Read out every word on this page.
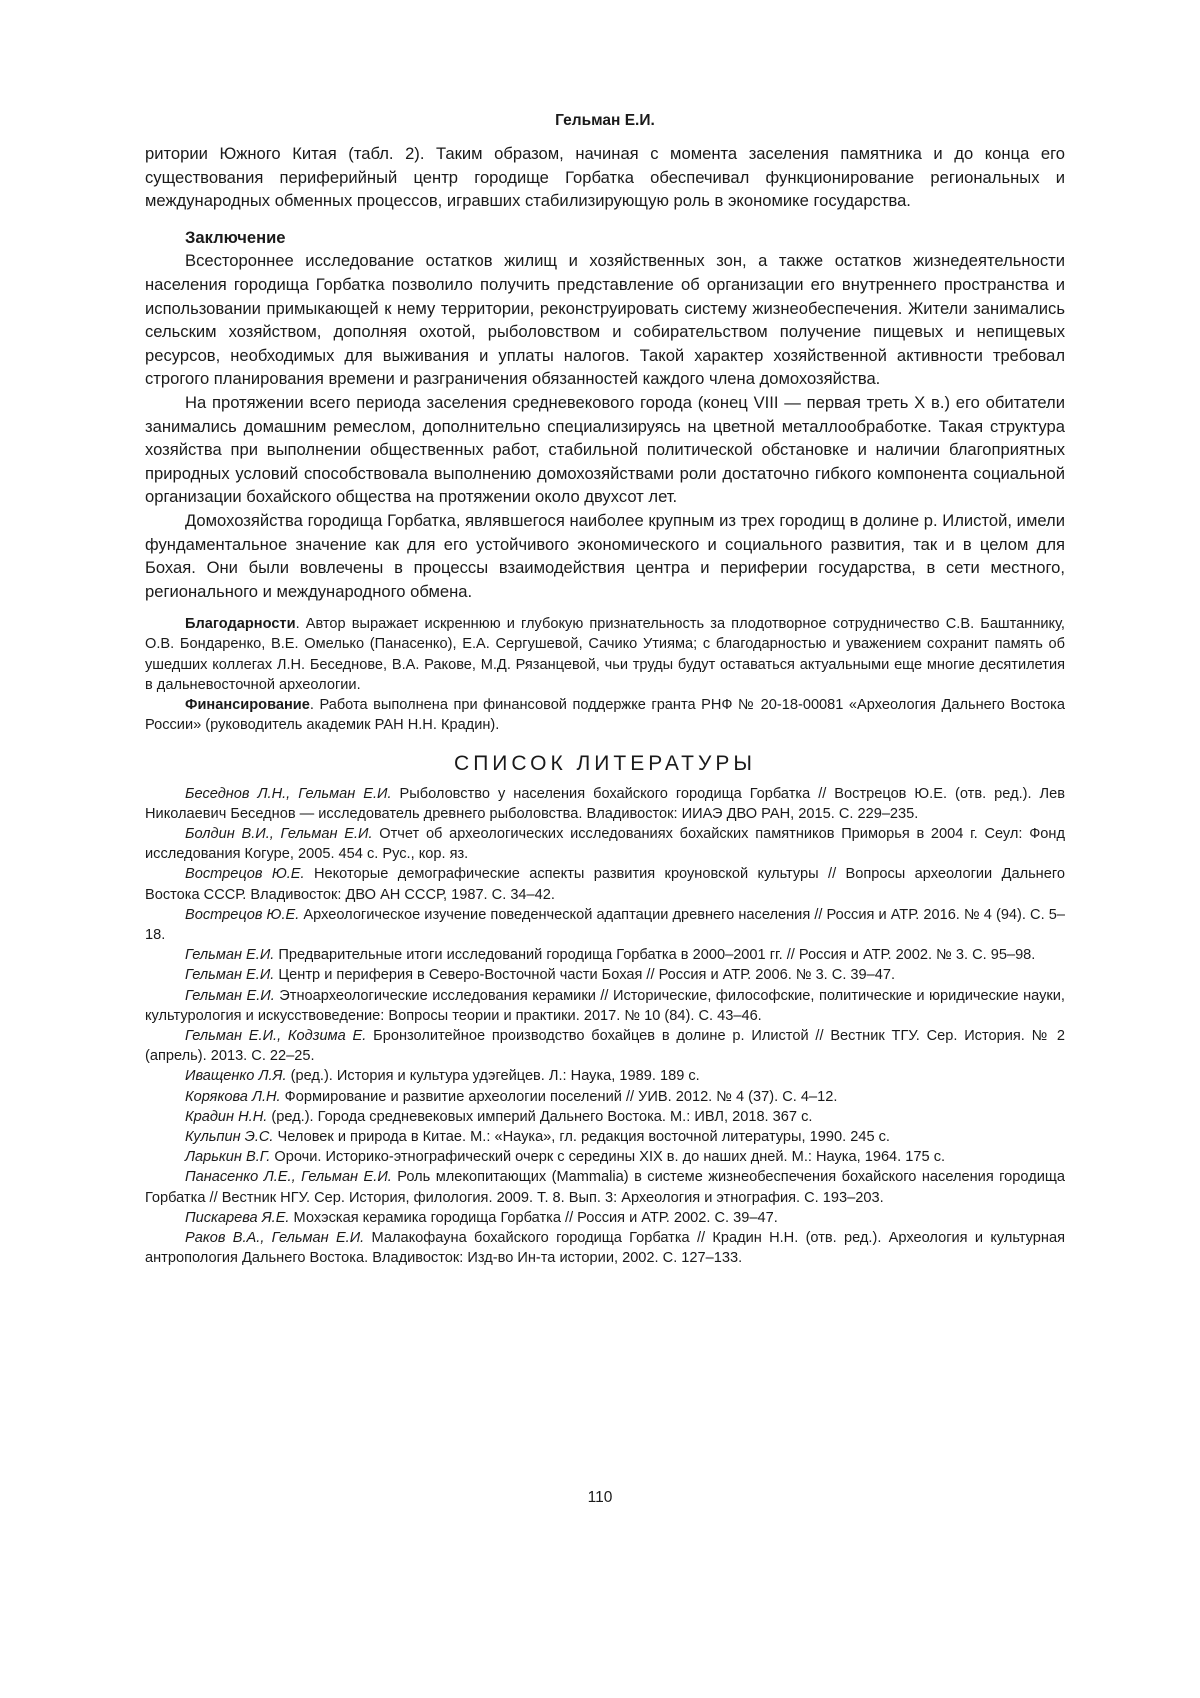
Гельман Е.И.

ритории Южного Китая (табл. 2). Таким образом, начиная с момента заселения памятника и до конца его существования периферийный центр городище Горбатка обеспечивал функционирование региональных и международных обменных процессов, игравших стабилизирующую роль в экономике государства.

Заключение

Всестороннее исследование остатков жилищ и хозяйственных зон, а также остатков жизнедеятельности населения городища Горбатка позволило получить представление об организации его внутреннего пространства и использовании примыкающей к нему территории, реконструировать систему жизнеобеспечения. Жители занимались сельским хозяйством, дополняя охотой, рыболовством и собирательством получение пищевых и непищевых ресурсов, необходимых для выживания и уплаты налогов. Такой характер хозяйственной активности требовал строгого планирования времени и разграничения обязанностей каждого члена домохозяйства.

На протяжении всего периода заселения средневекового города (конец VIII — первая треть X в.) его обитатели занимались домашним ремеслом, дополнительно специализируясь на цветной металлообработке. Такая структура хозяйства при выполнении общественных работ, стабильной политической обстановке и наличии благоприятных природных условий способствовала выполнению домохозяйствами роли достаточно гибкого компонента социальной организации бохайского общества на протяжении около двухсот лет.

Домохозяйства городища Горбатка, являвшегося наиболее крупным из трех городищ в долине р. Илистой, имели фундаментальное значение как для его устойчивого экономического и социального развития, так и в целом для Бохая. Они были вовлечены в процессы взаимодействия центра и периферии государства, в сети местного, регионального и международного обмена.

Благодарности. Автор выражает искреннюю и глубокую признательность за плодотворное сотрудничество С.В. Баштаннику, О.В. Бондаренко, В.Е. Омелько (Панасенко), Е.А. Сергушевой, Сачико Утияма; с благодарностью и уважением сохранит память об ушедших коллегах Л.Н. Беседнове, В.А. Ракове, М.Д. Рязанцевой, чьи труды будут оставаться актуальными еще многие десятилетия в дальневосточной археологии.

Финансирование. Работа выполнена при финансовой поддержке гранта РНФ № 20-18-00081 «Археология Дальнего Востока России» (руководитель академик РАН Н.Н. Крадин).

СПИСОК ЛИТЕРАТУРЫ

Беседнов Л.Н., Гельман Е.И. Рыболовство у населения бохайского городища Горбатка // Вострецов Ю.Е. (отв. ред.). Лев Николаевич Беседнов — исследователь древнего рыболовства. Владивосток: ИИАЭ ДВО РАН, 2015. С. 229–235.

Болдин В.И., Гельман Е.И. Отчет об археологических исследованиях бохайских памятников Приморья в 2004 г. Сеул: Фонд исследования Когуре, 2005. 454 с. Рус., кор. яз.

Вострецов Ю.Е. Некоторые демографические аспекты развития кроуновской культуры // Вопросы археологии Дальнего Востока СССР. Владивосток: ДВО АН СССР, 1987. С. 34–42.

Вострецов Ю.Е. Археологическое изучение поведенческой адаптации древнего населения // Россия и АТР. 2016. № 4 (94). С. 5–18.

Гельман Е.И. Предварительные итоги исследований городища Горбатка в 2000–2001 гг. // Россия и АТР. 2002. № 3. С. 95–98.

Гельман Е.И. Центр и периферия в Северо-Восточной части Бохая // Россия и АТР. 2006. № 3. С. 39–47.

Гельман Е.И. Этноархеологические исследования керамики // Исторические, философские, политические и юридические науки, культурология и искусствоведение: Вопросы теории и практики. 2017. № 10 (84). С. 43–46.

Гельман Е.И., Кодзима Е. Бронзолитейное производство бохайцев в долине р. Илистой // Вестник ТГУ. Сер. История. № 2 (апрель). 2013. С. 22–25.

Иващенко Л.Я. (ред.). История и культура удэгейцев. Л.: Наука, 1989. 189 с.

Корякова Л.Н. Формирование и развитие археологии поселений // УИВ. 2012. № 4 (37). С. 4–12.

Крадин Н.Н. (ред.). Города средневековых империй Дальнего Востока. М.: ИВЛ, 2018. 367 с.

Кульпин Э.С. Человек и природа в Китае. М.: «Наука», гл. редакция восточной литературы, 1990. 245 с.

Ларькин В.Г. Орочи. Историко-этнографический очерк с середины XIX в. до наших дней. М.: Наука, 1964. 175 с.

Панасенко Л.Е., Гельман Е.И. Роль млекопитающих (Mammalia) в системе жизнеобеспечения бохайского населения городища Горбатка // Вестник НГУ. Сер. История, филология. 2009. Т. 8. Вып. 3: Археология и этнография. С. 193–203.

Пискарева Я.Е. Мохэская керамика городища Горбатка // Россия и АТР. 2002. С. 39–47.

Раков В.А., Гельман Е.И. Малакофауна бохайского городища Горбатка // Крадин Н.Н. (отв. ред.). Археология и культурная антропология Дальнего Востока. Владивосток: Изд-во Ин-та истории, 2002. С. 127–133.

110
